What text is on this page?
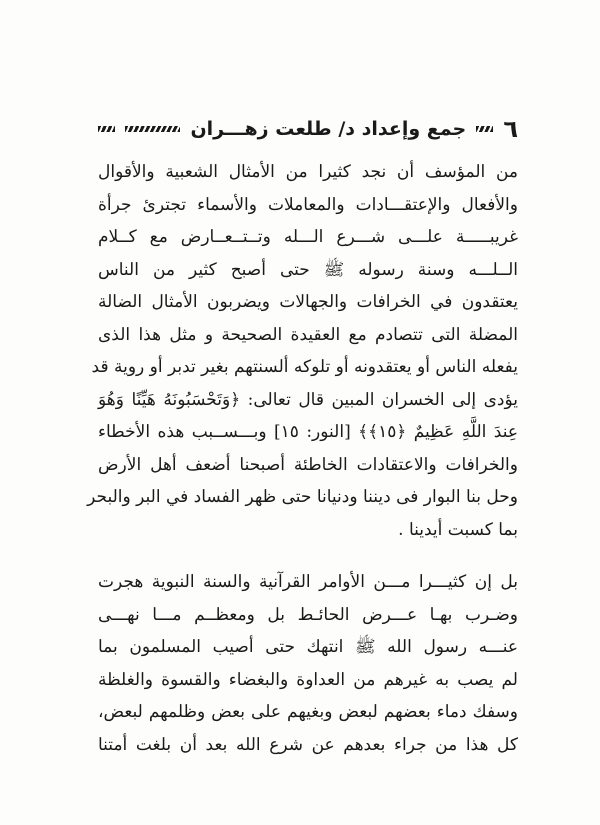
٦
جمع وإعداد د/ طلعت زهـــران
من المؤسف أن نجد كثيرا من الأمثال الشعبية والأقوال
والأفعال والإعتقـــادات والمعاملات والأسماء تجترئ جرأة
غريبـــــة علـــى شـــرع الـــله وتــتــعــارض مع كــلام
الــلـــه وسنة رسوله ﷺ حتى أصبح كثير من الناس
يعتقدون في الخرافات والجهالات ويضربون الأمثال الضالة
المضلة التى تتصادم مع العقيدة الصحيحة و مثل هذا الذى
يفعله الناس أو يعتقدونه أو تلوكه ألسنتهم بغير تدبر أو روية قد
يؤدى إلى الخسران المبين قال تعالى: ﴿وَتَحْسَبُونَهُ هَيِّنًا وَهُوَ
عِندَ اللَّهِ عَظِيمٌ ﴿١٥﴾﴾ [النور: ١٥] وبـــســبب هذه الأخطاء
والخرافات والاعتقادات الخاطئة أصبحنا أضعف أهل الأرض
وحل بنا البوار فى ديننا ودنيانا حتى ظهر الفساد في البر والبحر
بما كسبت أيدينا .
بل إن كثيـــرا مـــن الأوامر القرآنية والسنة النبوية هجرت
وضـرب بهـا عـــرض الحائـط بل ومعظــم مـــا نهـــى
عنـــه رسول الله ﷺ انتهك حتى أصيب المسلمون بما
لم يصب به غيرهم من العداوة والبغضاء والقسوة والغلظة
وسفك دماء بعضهم لبعض وبغيهم على بعض وظلمهم لبعض،
كل هذا من جراء بعدهم عن شرع الله بعد أن بلغت أمتنا
